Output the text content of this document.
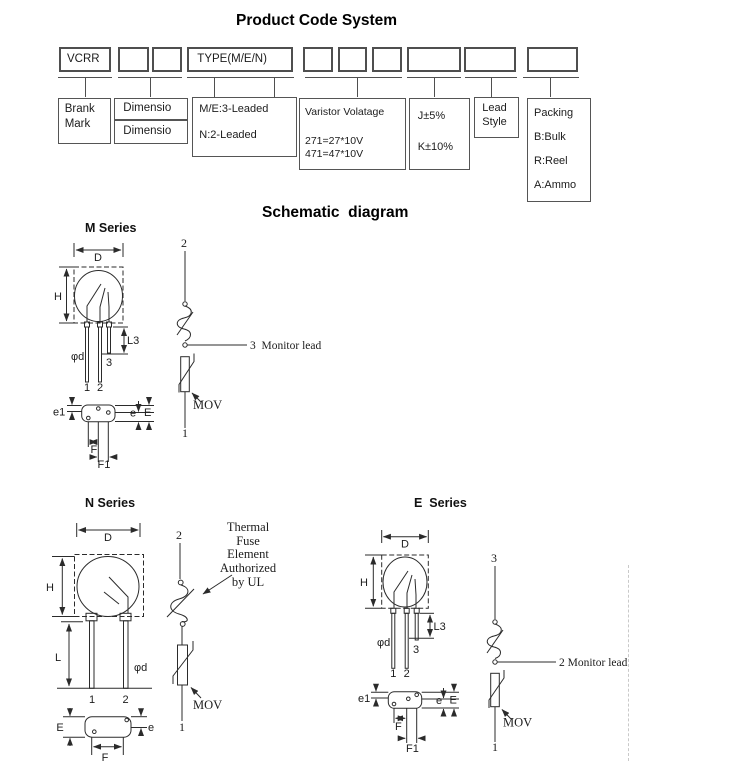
Product Code System
Schematic  diagram
VCRR	TYPE(M/E/N)
Brank
Mark
Dimensio
Dimensio
M/E:3-Leaded
N:2-Leaded
Varistor Volatage
271=27*10V
471=47*10V
J±5%
K±10%
Lead
Style
Packing
B:Bulk
R:Reel
A:Ammo
M Series
N Series	E  Series
D
H
L3
φd 3
1 2
E
e
e1
F
F1
2
3  Monitor lead
1
MOV
D
H
L
φd
1 2
E	e
F
Thermal
Fuse
Element
Authorized
by UL
2
1
MOV
D
H
L3
φd
3
1 2
E
e
e1
F
F1
3
2 Monitor lead
1
MOV
